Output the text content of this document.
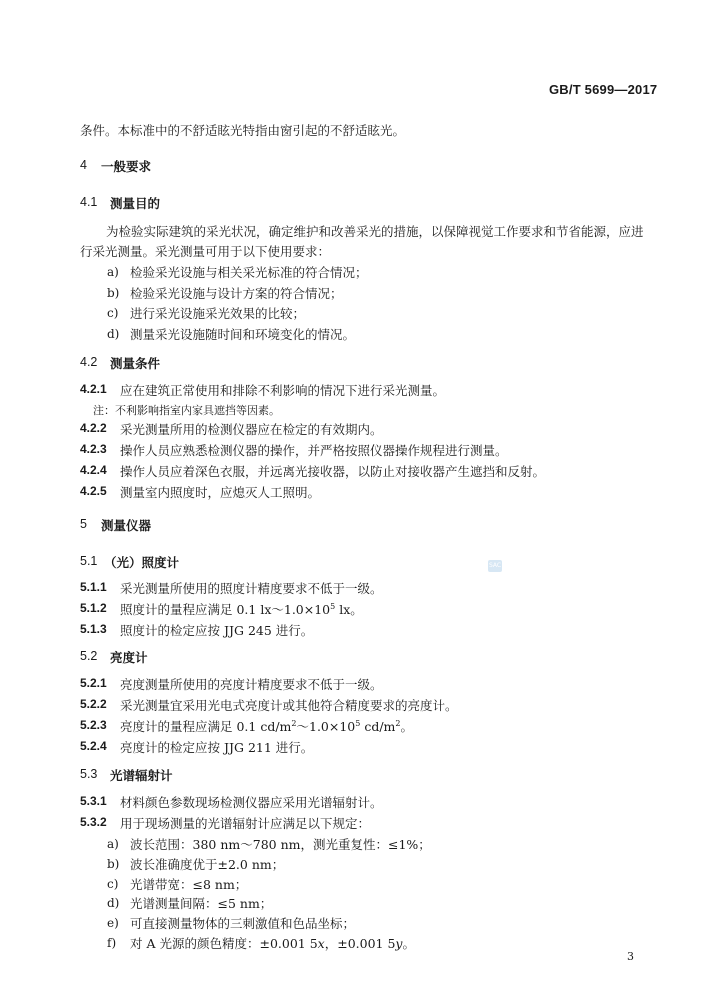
GB/T 5699—2017
条件。本标准中的不舒适眩光特指由窗引起的不舒适眩光。
4 一般要求
4.1 测量目的
为检验实际建筑的采光状况，确定维护和改善采光的措施，以保障视觉工作要求和节省能源，应进
行采光测量。采光测量可用于以下使用要求：
a) 检验采光设施与相关采光标准的符合情况；
b) 检验采光设施与设计方案的符合情况；
c) 进行采光设施采光效果的比较；
d) 测量采光设施随时间和环境变化的情况。
4.2 测量条件
4.2.1 应在建筑正常使用和排除不利影响的情况下进行采光测量。
注：不利影响指室内家具遮挡等因素。
4.2.2 采光测量所用的检测仪器应在检定的有效期内。
4.2.3 操作人员应熟悉检测仪器的操作，并严格按照仪器操作规程进行测量。
4.2.4 操作人员应着深色衣服，并远离光接收器，以防止对接收器产生遮挡和反射。
4.2.5 测量室内照度时，应熄灭人工照明。
5 测量仪器
5.1 （光）照度计	SAC
5.1.1 采光测量所使用的照度计精度要求不低于一级。
5.1.2 照度计的量程应满足 0.1 $lx\sim 1.0\times 10^5$ lx。
5.1.3 照度计的检定应按 JJG 245 进行。
5.2 亮度计
5.2.1 亮度测量所使用的亮度计精度要求不低于一级。
5.2.2 采光测量宜采用光电式亮度计或其他符合精度要求的亮度计。
5.2.3 亮度计的量程应满足 0.1 $cd/m^2\sim 1.0\times 10^5$ $cd/m^2$。
5.2.4 亮度计的检定应按 JJG 211 进行。
5.3 光谱辐射计
5.3.1 材料颜色参数现场检测仪器应采用光谱辐射计。
5.3.2 用于现场测量的光谱辐射计应满足以下规定：
a) 波长范围：380 nm～780 nm，测光重复性：≤1%；
b) 波长准确度优于±2.0 nm；
c) 光谱带宽：≤8 nm；
d) 光谱测量间隔：≤5 nm；
e) 可直接测量物体的三刺激值和色品坐标；
f) 对 A 光源的颜色精度：±0.001 5x，±0.001 5y。
3
